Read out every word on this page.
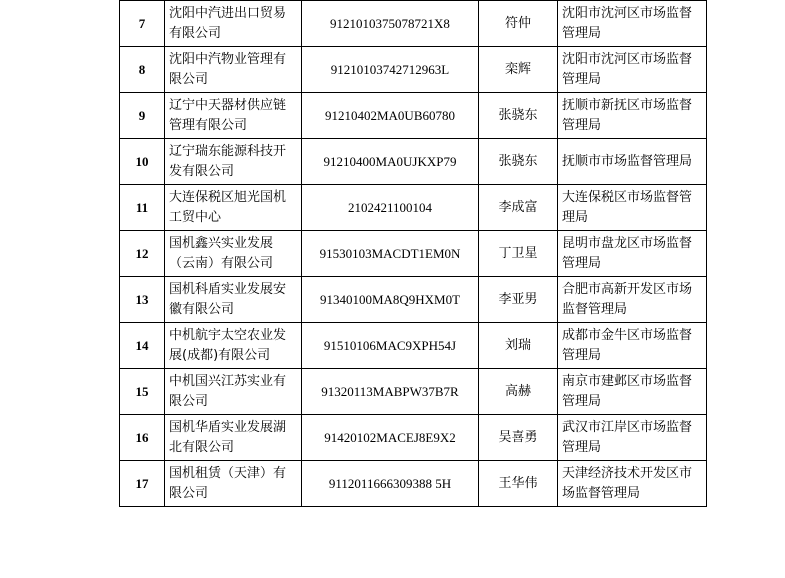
7	沈阳中汽进出口贸易有限公司	9121010375078721X8	符仲	沈阳市沈河区市场监督管理局

8	沈阳中汽物业管理有限公司	91210103742712963L	栾辉	沈阳市沈河区市场监督管理局

9	辽宁中天器材供应链管理有限公司	91210402MA0UB60780	张骁东	抚顺市新抚区市场监督管理局

10	辽宁瑞东能源科技开发有限公司	91210400MA0UJKXP79	张骁东	抚顺市市场监督管理局

11	大连保税区旭光国机工贸中心	2102421100104	李成富	大连保税区市场监督管理局

12	国机鑫兴实业发展（云南）有限公司	91530103MACDT1EM0N	丁卫星	昆明市盘龙区市场监督管理局

13	国机科盾实业发展安徽有限公司	91340100MA8Q9HXM0T	李亚男	合肥市高新开发区市场监督管理局

14	中机航宇太空农业发展(成都)有限公司	91510106MAC9XPH54J	刘瑞	成都市金牛区市场监督管理局

15	中机国兴江苏实业有限公司	91320113MABPW37B7R	高赫	南京市建邺区市场监督管理局

16	国机华盾实业发展湖北有限公司	91420102MACEJ8E9X2	吴喜勇	武汉市江岸区市场监督管理局

17	国机租赁（天津）有限公司	9112011666309388 5H	王华伟	天津经济技术开发区市场监督管理局
